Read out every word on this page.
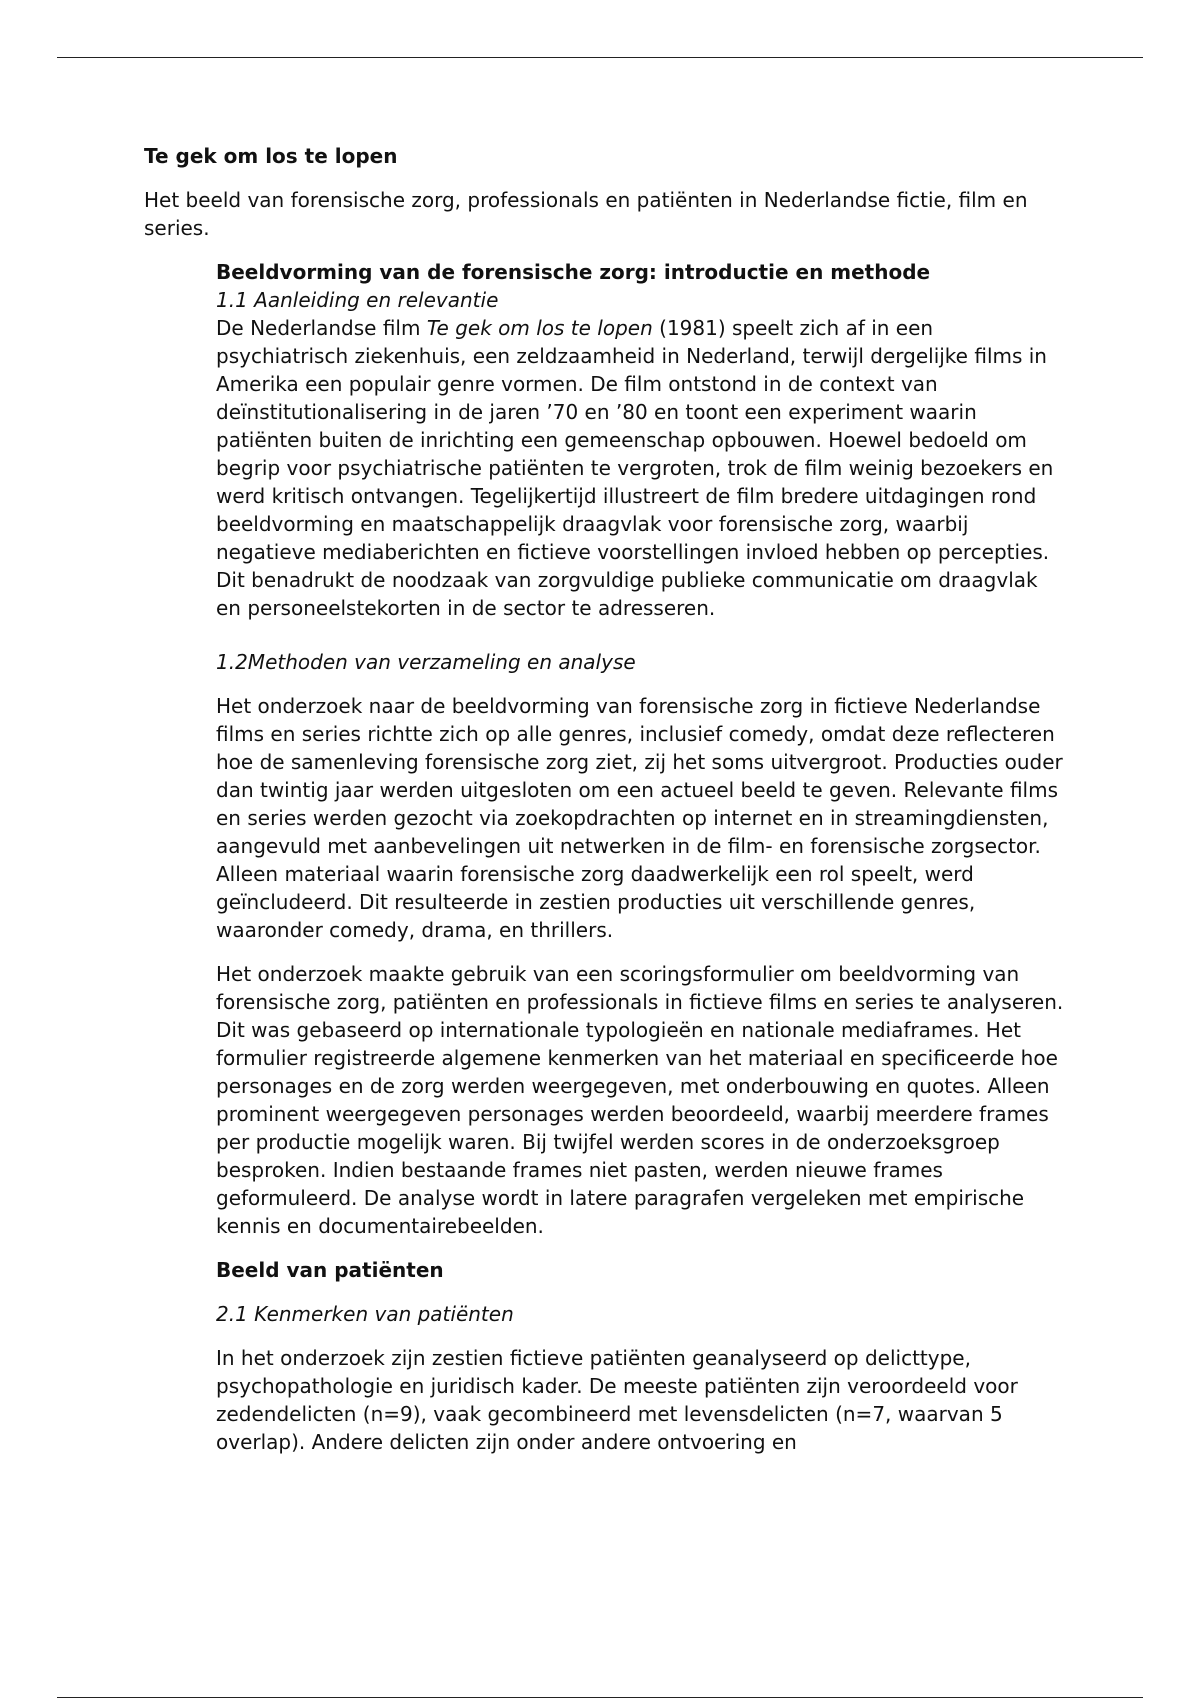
Te gek om los te lopen

Het beeld van forensische zorg, professionals en patiënten in Nederlandse fictie, film en series.

Beeldvorming van de forensische zorg: introductie en methode
1.1 Aanleiding en relevantie

De Nederlandse film Te gek om los te lopen (1981) speelt zich af in een psychiatrisch ziekenhuis, een zeldzaamheid in Nederland, terwijl dergelijke films in Amerika een populair genre vormen. De film ontstond in de context van deïnstitutionalisering in de jaren ’70 en ’80 en toont een experiment waarin patiënten buiten de inrichting een gemeenschap opbouwen. Hoewel bedoeld om begrip voor psychiatrische patiënten te vergroten, trok de film weinig bezoekers en werd kritisch ontvangen. Tegelijkertijd illustreert de film bredere uitdagingen rond beeldvorming en maatschappelijk draagvlak voor forensische zorg, waarbij negatieve mediaberichten en fictieve voorstellingen invloed hebben op percepties. Dit benadrukt de noodzaak van zorgvuldige publieke communicatie om draagvlak en personeelstekorten in de sector te adresseren.

1.2Methoden van verzameling en analyse

Het onderzoek naar de beeldvorming van forensische zorg in fictieve Nederlandse films en series richtte zich op alle genres, inclusief comedy, omdat deze reflecteren hoe de samenleving forensische zorg ziet, zij het soms uitvergroot. Producties ouder dan twintig jaar werden uitgesloten om een actueel beeld te geven. Relevante films en series werden gezocht via zoekopdrachten op internet en in streamingdiensten, aangevuld met aanbevelingen uit netwerken in de film- en forensische zorgsector. Alleen materiaal waarin forensische zorg daadwerkelijk een rol speelt, werd geïncludeerd. Dit resulteerde in zestien producties uit verschillende genres, waaronder comedy, drama, en thrillers.

Het onderzoek maakte gebruik van een scoringsformulier om beeldvorming van forensische zorg, patiënten en professionals in fictieve films en series te analyseren. Dit was gebaseerd op internationale typologieën en nationale mediaframes. Het formulier registreerde algemene kenmerken van het materiaal en specificeerde hoe personages en de zorg werden weergegeven, met onderbouwing en quotes. Alleen prominent weergegeven personages werden beoordeeld, waarbij meerdere frames per productie mogelijk waren. Bij twijfel werden scores in de onderzoeksgroep besproken. Indien bestaande frames niet pasten, werden nieuwe frames geformuleerd. De analyse wordt in latere paragrafen vergeleken met empirische kennis en documentairebeelden.

Beeld van patiënten
2.1 Kenmerken van patiënten

In het onderzoek zijn zestien fictieve patiënten geanalyseerd op delicttype, psychopathologie en juridisch kader. De meeste patiënten zijn veroordeeld voor zedendelicten (n=9), vaak gecombineerd met levensdelicten (n=7, waarvan 5 overlap). Andere delicten zijn onder andere ontvoering en
